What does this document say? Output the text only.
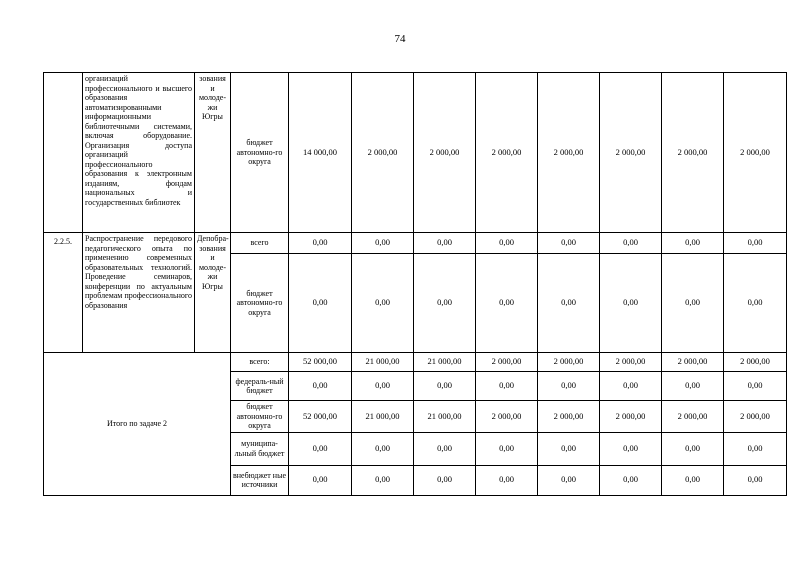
74
	организаций профессионального и высшего образования автоматизированными информационными библиотечными системами, включая оборудование. Организация доступа организаций профессионального образования к электронным изданиям, фондам национальных и государственных библиотек	зования и молоде-жи Югры	бюджет автономно-го округа	14 000,00	2 000,00	2 000,00	2 000,00	2 000,00	2 000,00	2 000,00	2 000,00
2.2.5.	Распространение передового педагогического опыта по применению современных образовательных технологий. Проведение семинаров, конференции по актуальным проблемам профессионального образования	Депобра-зования и молоде-жи Югры	всего	0,00	0,00	0,00	0,00	0,00	0,00	0,00	0,00
			бюджет автономно-го округа	0,00	0,00	0,00	0,00	0,00	0,00	0,00	0,00
Итого по задаче 2			всего:	52 000,00	21 000,00	21 000,00	2 000,00	2 000,00	2 000,00	2 000,00	2 000,00
			федераль-ный бюджет	0,00	0,00	0,00	0,00	0,00	0,00	0,00	0,00
			бюджет автономно-го округа	52 000,00	21 000,00	21 000,00	2 000,00	2 000,00	2 000,00	2 000,00	2 000,00
			муниципа-льный бюджет	0,00	0,00	0,00	0,00	0,00	0,00	0,00	0,00
			внебюджет ные источники	0,00	0,00	0,00	0,00	0,00	0,00	0,00	0,00
